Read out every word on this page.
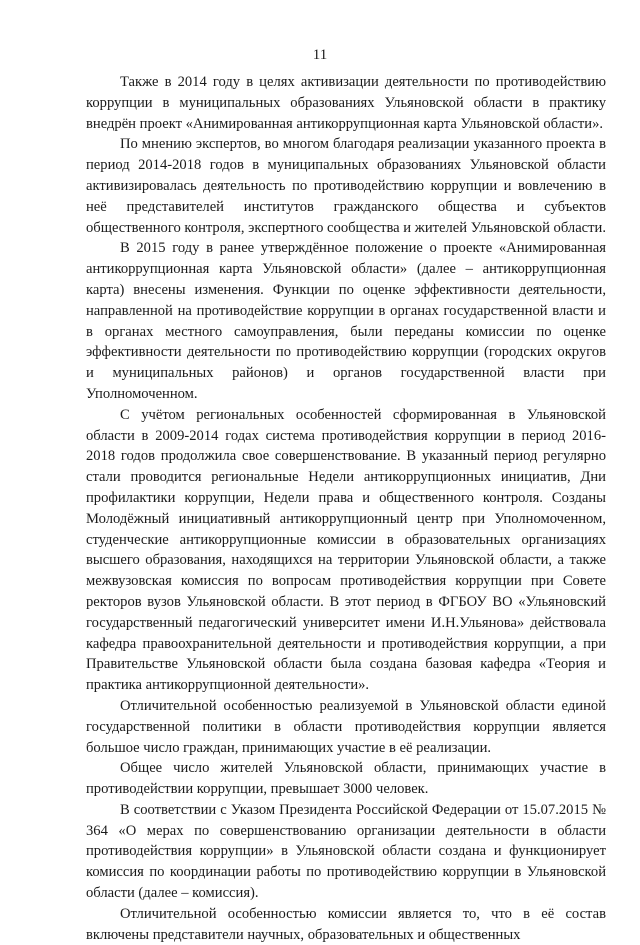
11

Также в 2014 году в целях активизации деятельности по противодействию коррупции в муниципальных образованиях Ульяновской области в практику внедрён проект «Анимированная антикоррупционная карта Ульяновской области».

По мнению экспертов, во многом благодаря реализации указанного проекта в период 2014-2018 годов в муниципальных образованиях Ульяновской области активизировалась деятельность по противодействию коррупции и вовлечению в неё представителей институтов гражданского общества и субъектов общественного контроля, экспертного сообщества и жителей Ульяновской области.

В 2015 году в ранее утверждённое положение о проекте «Анимированная антикоррупционная карта Ульяновской области» (далее – антикоррупционная карта) внесены изменения. Функции по оценке эффективности деятельности, направленной на противодействие коррупции в органах государственной власти и в органах местного самоуправления, были переданы комиссии по оценке эффективности деятельности по противодействию коррупции (городских округов и муниципальных районов) и органов государственной власти при Уполномоченном.

С учётом региональных особенностей сформированная в Ульяновской области в 2009-2014 годах система противодействия коррупции в период 2016-2018 годов продолжила свое совершенствование. В указанный период регулярно стали проводится региональные Недели антикоррупционных инициатив, Дни профилактики коррупции, Недели права и общественного контроля. Созданы Молодёжный инициативный антикоррупционный центр при Уполномоченном, студенческие антикоррупционные комиссии в образовательных организациях высшего образования, находящихся на территории Ульяновской области, а также межвузовская комиссия по вопросам противодействия коррупции при Совете ректоров вузов Ульяновской области. В этот период в ФГБОУ ВО «Ульяновский государственный педагогический университет имени И.Н.Ульянова» действовала кафедра правоохранительной деятельности и противодействия коррупции, а при Правительстве Ульяновской области была создана базовая кафедра «Теория и практика антикоррупционной деятельности».

Отличительной особенностью реализуемой в Ульяновской области единой государственной политики в области противодействия коррупции является большое число граждан, принимающих участие в её реализации.

Общее число жителей Ульяновской области, принимающих участие в противодействии коррупции, превышает 3000 человек.

В соответствии с Указом Президента Российской Федерации от 15.07.2015 № 364 «О мерах по совершенствованию организации деятельности в области противодействия коррупции» в Ульяновской области создана и функционирует комиссия по координации работы по противодействию коррупции в Ульяновской области (далее – комиссия).

Отличительной особенностью комиссии является то, что в её состав включены представители научных, образовательных и общественных
